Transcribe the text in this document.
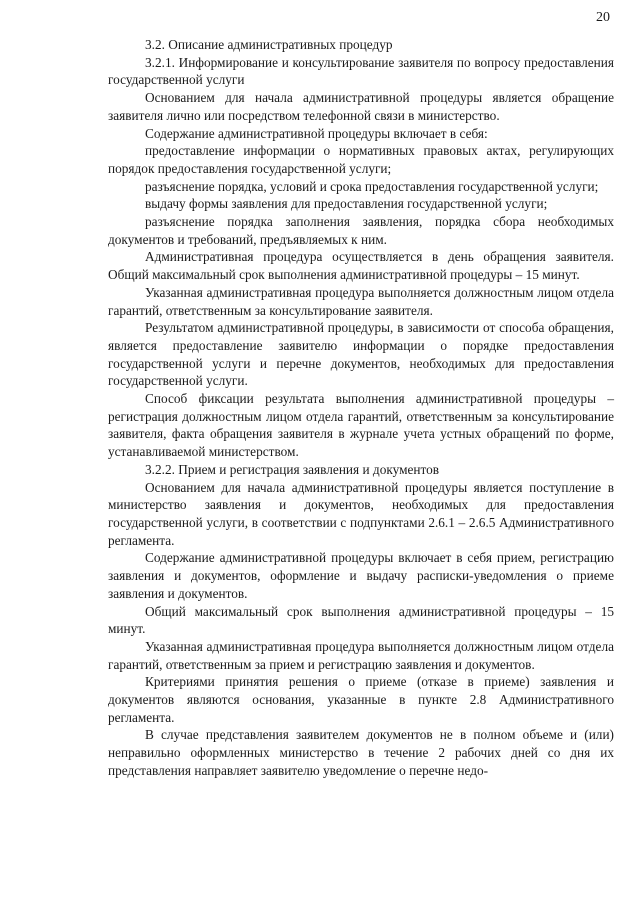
20

3.2. Описание административных процедур

3.2.1. Информирование и консультирование заявителя по вопросу предоставления государственной услуги

Основанием для начала административной процедуры является обращение заявителя лично или посредством телефонной связи в министерство.

Содержание административной процедуры включает в себя:

предоставление информации о нормативных правовых актах, регулирующих порядок предоставления государственной услуги;

разъяснение порядка, условий и срока предоставления государственной услуги;

выдачу формы заявления для предоставления государственной услуги;

разъяснение порядка заполнения заявления, порядка сбора необходимых документов и требований, предъявляемых к ним.

Административная процедура осуществляется в день обращения заявителя. Общий максимальный срок выполнения административной процедуры – 15 минут.

Указанная административная процедура выполняется должностным лицом отдела гарантий, ответственным за консультирование заявителя.

Результатом административной процедуры, в зависимости от способа обращения, является предоставление заявителю информации о порядке предоставления государственной услуги и перечне документов, необходимых для предоставления государственной услуги.

Способ фиксации результата выполнения административной процедуры – регистрация должностным лицом отдела гарантий, ответственным за консультирование заявителя, факта обращения заявителя в журнале учета устных обращений по форме, устанавливаемой министерством.

3.2.2. Прием и регистрация заявления и документов

Основанием для начала административной процедуры является поступление в министерство заявления и документов, необходимых для предоставления государственной услуги, в соответствии с подпунктами 2.6.1 – 2.6.5 Административного регламента.

Содержание административной процедуры включает в себя прием, регистрацию заявления и документов, оформление и выдачу расписки-уведомления о приеме заявления и документов.

Общий максимальный срок выполнения административной процедуры – 15 минут.

Указанная административная процедура выполняется должностным лицом отдела гарантий, ответственным за прием и регистрацию заявления и документов.

Критериями принятия решения о приеме (отказе в приеме) заявления и документов являются основания, указанные в пункте 2.8 Административного регламента.

В случае представления заявителем документов не в полном объеме и (или) неправильно оформленных министерство в течение 2 рабочих дней со дня их представления направляет заявителю уведомление о перечне недо-
